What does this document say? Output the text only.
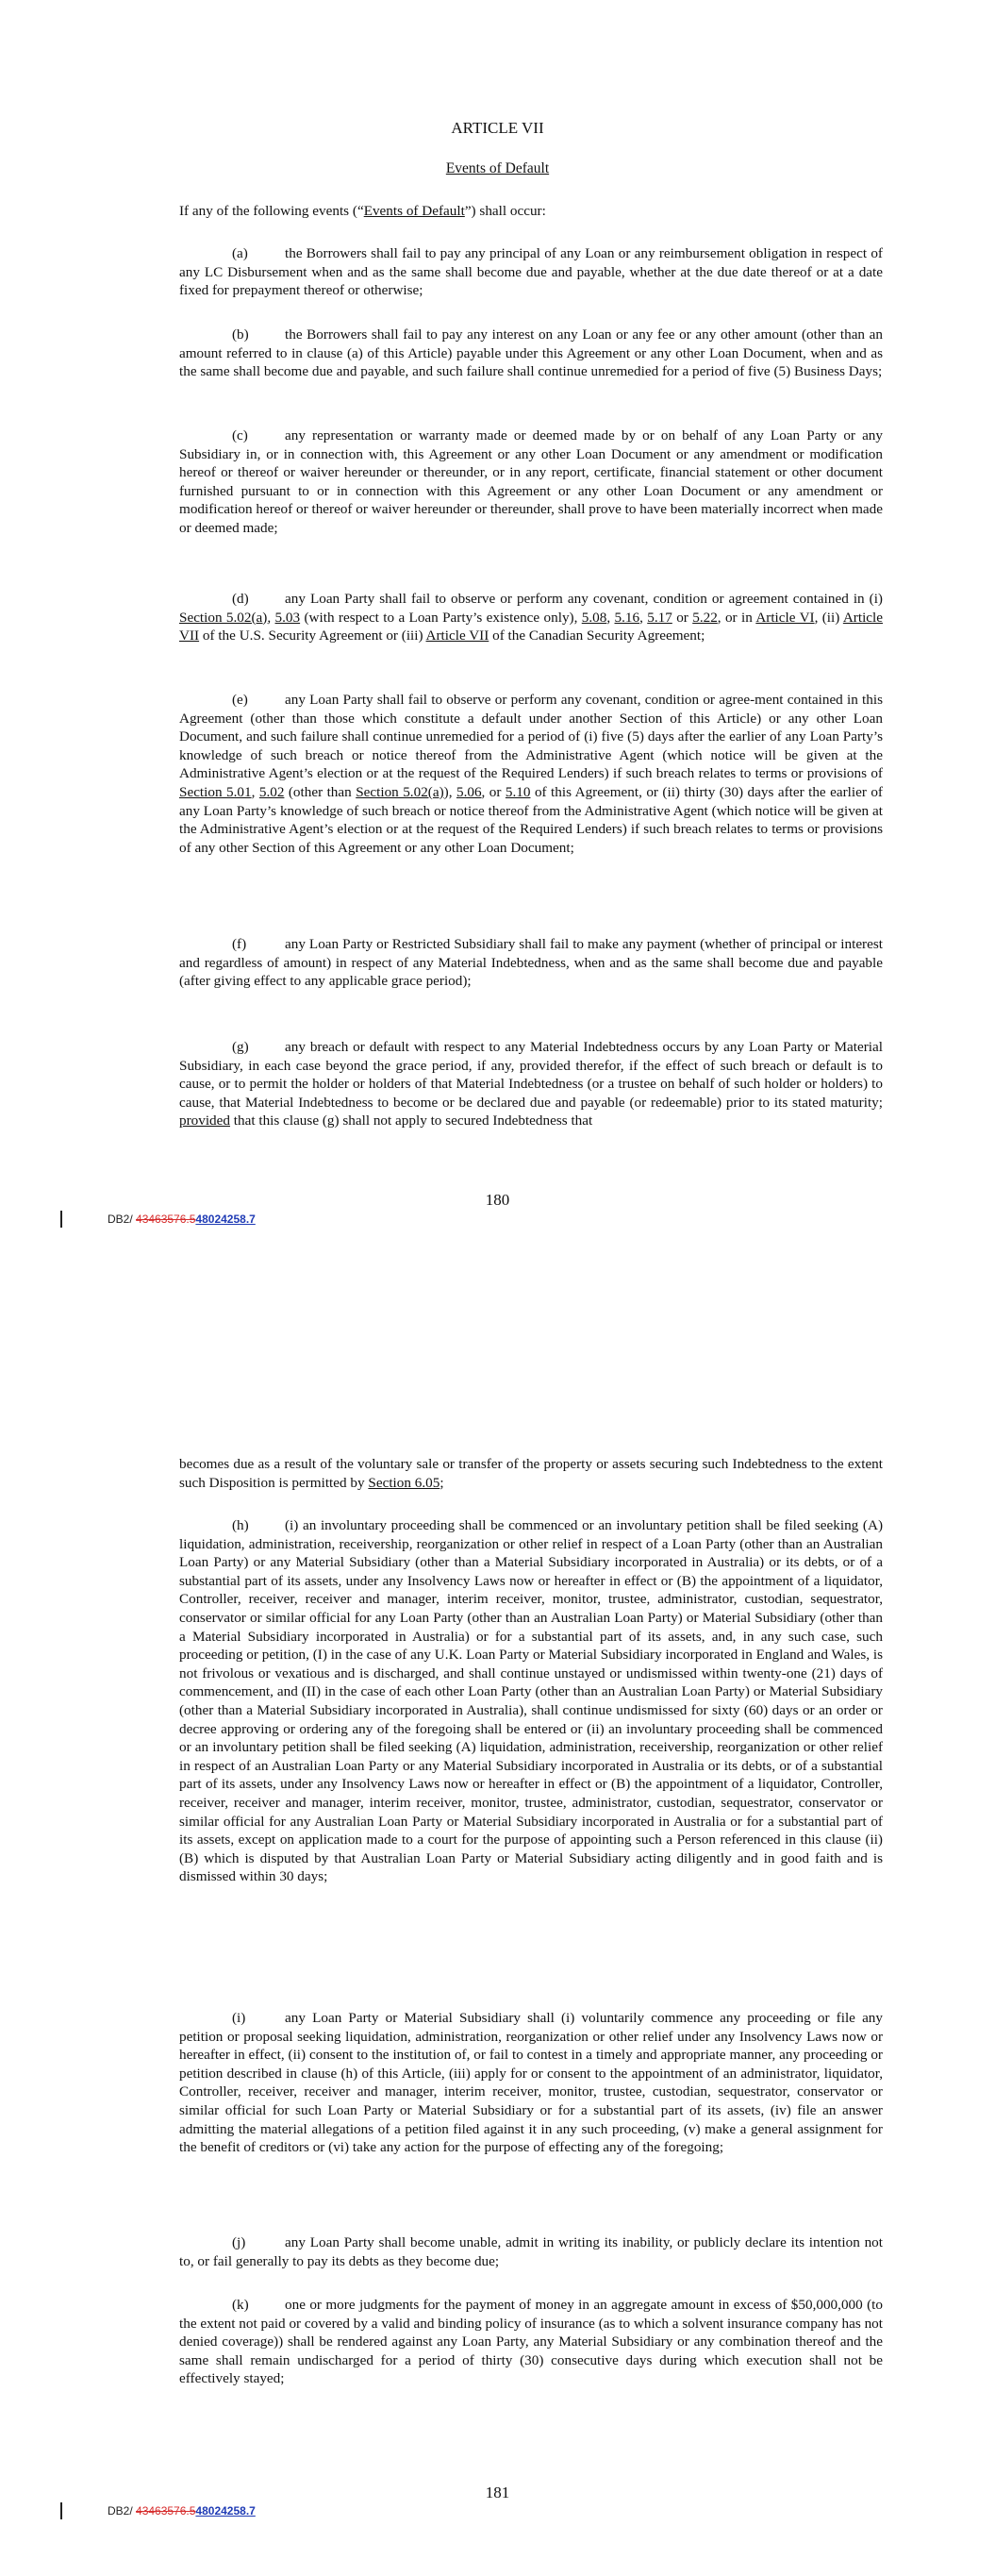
ARTICLE VII
Events of Default

If any of the following events (“Events of Default”) shall occur:

(a)	the Borrowers shall fail to pay any principal of any Loan or any reimbursement obligation in respect of any LC Disbursement when and as the same shall become due and payable, whether at the due date thereof or at a date fixed for prepayment thereof or otherwise;

(b)	the Borrowers shall fail to pay any interest on any Loan or any fee or any other amount (other than an amount referred to in clause (a) of this Article) payable under this Agreement or any other Loan Document, when and as the same shall become due and payable, and such failure shall continue unremedied for a period of five (5) Business Days;

(c)	any representation or warranty made or deemed made by or on behalf of any Loan Party or any Subsidiary in, or in connection with, this Agreement or any other Loan Document or any amendment or modification hereof or thereof or waiver hereunder or thereunder, or in any report, certificate, financial statement or other document furnished pursuant to or in connection with this Agreement or any other Loan Document or any amendment or modification hereof or thereof or waiver hereunder or thereunder, shall prove to have been materially incorrect when made or deemed made;

(d)	any Loan Party shall fail to observe or perform any covenant, condition or agreement contained in (i) Section 5.02(a), 5.03 (with respect to a Loan Party’s existence only), 5.08, 5.16, 5.17 or 5.22, or in Article VI, (ii) Article VII of the U.S. Security Agreement or (iii) Article VII of the Canadian Security Agreement;

(e)	any Loan Party shall fail to observe or perform any covenant, condition or agree-ment contained in this Agreement (other than those which constitute a default under another Section of this Article) or any other Loan Document, and such failure shall continue unremedied for a period of (i) five (5) days after the earlier of any Loan Party’s knowledge of such breach or notice thereof from the Administrative Agent (which notice will be given at the Administrative Agent’s election or at the request of the Required Lenders) if such breach relates to terms or provisions of Section 5.01, 5.02 (other than Section 5.02(a)), 5.06, or 5.10 of this Agreement, or (ii) thirty (30) days after the earlier of any Loan Party’s knowledge of such breach or notice thereof from the Administrative Agent (which notice will be given at the Administrative Agent’s election or at the request of the Required Lenders) if such breach relates to terms or provisions of any other Section of this Agreement or any other Loan Document;

(f)	any Loan Party or Restricted Subsidiary shall fail to make any payment (whether of principal or interest and regardless of amount) in respect of any Material Indebtedness, when and as the same shall become due and payable (after giving effect to any applicable grace period);

(g)	any breach or default with respect to any Material Indebtedness occurs by any Loan Party or Material Subsidiary, in each case beyond the grace period, if any, provided therefor, if the effect of such breach or default is to cause, or to permit the holder or holders of that Material Indebtedness (or a trustee on behalf of such holder or holders) to cause, that Material Indebtedness to become or be declared due and payable (or redeemable) prior to its stated maturity; provided that this clause (g) shall not apply to secured Indebtedness that

180
DB2/ 43463576.548024258.7

becomes due as a result of the voluntary sale or transfer of the property or assets securing such Indebtedness to the extent such Disposition is permitted by Section 6.05;

(h)	(i) an involuntary proceeding shall be commenced or an involuntary petition shall be filed seeking (A) liquidation, administration, receivership, reorganization or other relief in respect of a Loan Party (other than an Australian Loan Party) or any Material Subsidiary (other than a Material Subsidiary incorporated in Australia) or its debts, or of a substantial part of its assets, under any Insolvency Laws now or hereafter in effect or (B) the appointment of a liquidator, Controller, receiver, receiver and manager, interim receiver, monitor, trustee, administrator, custodian, sequestrator, conservator or similar official for any Loan Party (other than an Australian Loan Party) or Material Subsidiary (other than a Material Subsidiary incorporated in Australia) or for a substantial part of its assets, and, in any such case, such proceeding or petition, (I) in the case of any U.K. Loan Party or Material Subsidiary incorporated in England and Wales, is not frivolous or vexatious and is discharged, and shall continue unstayed or undismissed within twenty-one (21) days of commencement, and (II) in the case of each other Loan Party (other than an Australian Loan Party) or Material Subsidiary (other than a Material Subsidiary incorporated in Australia), shall continue undismissed for sixty (60) days or an order or decree approving or ordering any of the foregoing shall be entered or (ii) an involuntary proceeding shall be commenced or an involuntary petition shall be filed seeking (A) liquidation, administration, receivership, reorganization or other relief in respect of an Australian Loan Party or any Material Subsidiary incorporated in Australia or its debts, or of a substantial part of its assets, under any Insolvency Laws now or hereafter in effect or (B) the appointment of a liquidator, Controller, receiver, receiver and manager, interim receiver, monitor, trustee, administrator, custodian, sequestrator, conservator or similar official for any Australian Loan Party or Material Subsidiary incorporated in Australia or for a substantial part of its assets, except on application made to a court for the purpose of appointing such a Person referenced in this clause (ii)(B) which is disputed by that Australian Loan Party or Material Subsidiary acting diligently and in good faith and is dismissed within 30 days;

(i)	any Loan Party or Material Subsidiary shall (i) voluntarily commence any proceeding or file any petition or proposal seeking liquidation, administration, reorganization or other relief under any Insolvency Laws now or hereafter in effect, (ii) consent to the institution of, or fail to contest in a timely and appropriate manner, any proceeding or petition described in clause (h) of this Article, (iii) apply for or consent to the appointment of an administrator, liquidator, Controller, receiver, receiver and manager, interim receiver, monitor, trustee, custodian, sequestrator, conservator or similar official for such Loan Party or Material Subsidiary or for a substantial part of its assets, (iv) file an answer admitting the material allegations of a petition filed against it in any such proceeding, (v) make a general assignment for the benefit of creditors or (vi) take any action for the purpose of effecting any of the foregoing;

(j)	any Loan Party shall become unable, admit in writing its inability, or publicly declare its intention not to, or fail generally to pay its debts as they become due;

(k)	one or more judgments for the payment of money in an aggregate amount in excess of $50,000,000 (to the extent not paid or covered by a valid and binding policy of insurance (as to which a solvent insurance company has not denied coverage)) shall be rendered against any Loan Party, any Material Subsidiary or any combination thereof and the same shall remain undischarged for a period of thirty (30) consecutive days during which execution shall not be effectively stayed;

181
DB2/ 43463576.548024258.7
